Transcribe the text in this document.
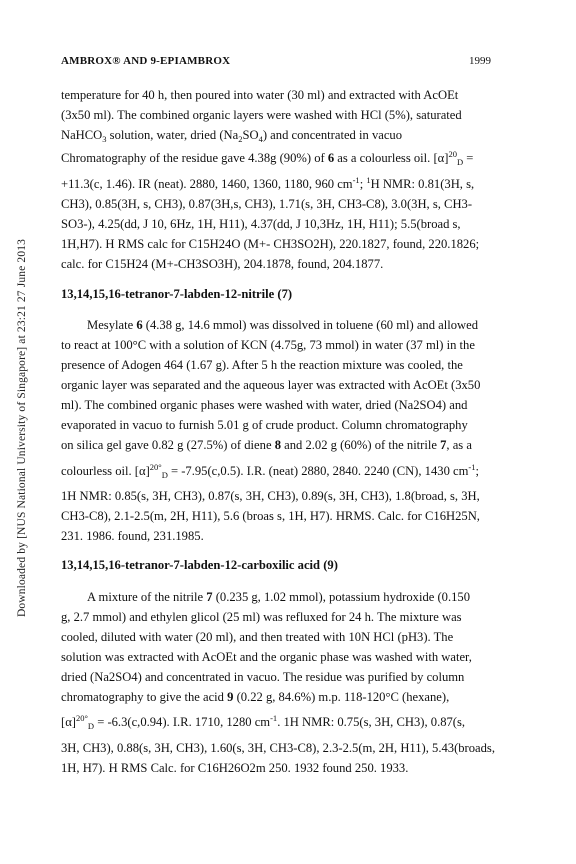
Downloaded by [NUS National University of Singapore] at 23:21 27 June 2013
AMBROX® AND 9-EPIAMBROX	1999
temperature for 40 h, then poured into water (30 ml) and extracted with AcOEt
(3x50 ml). The combined organic layers were washed with HCl (5%), saturated
NaHCO$_3$ solution, water, dried $(Na_2SO_4)$ and concentrated in vacuo
Chromatography of the residue gave 4.38g (90%) of 6 as a colourless oil. $[\alpha]^{20}_D$ =
+11.3(c, 1.46). IR (neat). 2880, 1460, 1360, 1180, 960 $cm^{-1}$; $^1$H NMR: 0.81(3H, s,
CH3), 0.85(3H, s, CH3), 0.87(3H,s, CH3), 1.71(s, 3H, CH3-C8), 3.0(3H, s, CH3-
SO3-), 4.25(dd, J 10, 6Hz, 1H, H11), 4.37(dd, J 10,3Hz, 1H, H11); 5.5(broad s,
1H,H7). H RMS calc for C15H24O (M+- CH3SO2H), 220.1827, found, 220.1826;
calc. for C15H24 (M+-CH3SO3H), 204.1878, found, 204.1877.
13,14,15,16-tetranor-7-labden-12-nitrile (7)
Mesylate 6 (4.38 g, 14.6 mmol) was dissolved in toluene (60 ml) and allowed
to react at 100°C with a solution of KCN (4.75g, 73 mmol) in water (37 ml) in the
presence of Adogen 464 (1.67 g). After 5 h the reaction mixture was cooled, the
organic layer was separated and the aqueous layer was extracted with AcOEt (3x50
ml). The combined organic phases were washed with water, dried (Na2SO4) and
evaporated in vacuo to furnish 5.01 g of crude product. Column chromatography
on silica gel gave 0.82 g (27.5%) of diene 8 and 2.02 g (60%) of the nitrile 7, as a
colourless oil. $[\alpha]^{20^\circ}_D = -7.95(c,0.5)$. I.R. (neat) 2880, 2840. 2240 (CN), 1430 $cm^{-1}$;
1H NMR: 0.85(s, 3H, CH3), 0.87(s, 3H, CH3), 0.89(s, 3H, CH3), 1.8(broad, s, 3H,
CH3-C8), 2.1-2.5(m, 2H, H11), 5.6 (broas s, 1H, H7). HRMS. Calc. for C16H25N,
231. 1986. found, 231.1985.
13,14,15,16-tetranor-7-labden-12-carboxilic acid (9)
A mixture of the nitrile 7 (0.235 g, 1.02 mmol), potassium hydroxide (0.150
g, 2.7 mmol) and ethylen glicol (25 ml) was refluxed for 24 h. The mixture was
cooled, diluted with water (20 ml), and then treated with 10N HCl (pH3). The
solution was extracted with AcOEt and the organic phase was washed with water,
dried (Na2SO4) and concentrated in vacuo. The residue was purified by column
chromatography to give the acid 9 (0.22 g, 84.6%) m.p. 118-120°C (hexane),
$[\alpha]^{20^\circ}_D = -6.3(c,0.94)$. I.R. 1710, 1280 $cm^{-1}$. 1H NMR: 0.75(s, 3H, CH3), 0.87(s,
3H, CH3), 0.88(s, 3H, CH3), 1.60(s, 3H, CH3-C8), 2.3-2.5(m, 2H, H11), 5.43(broads,
1H, H7). H RMS Calc. for C16H26O2m 250. 1932 found 250. 1933.
